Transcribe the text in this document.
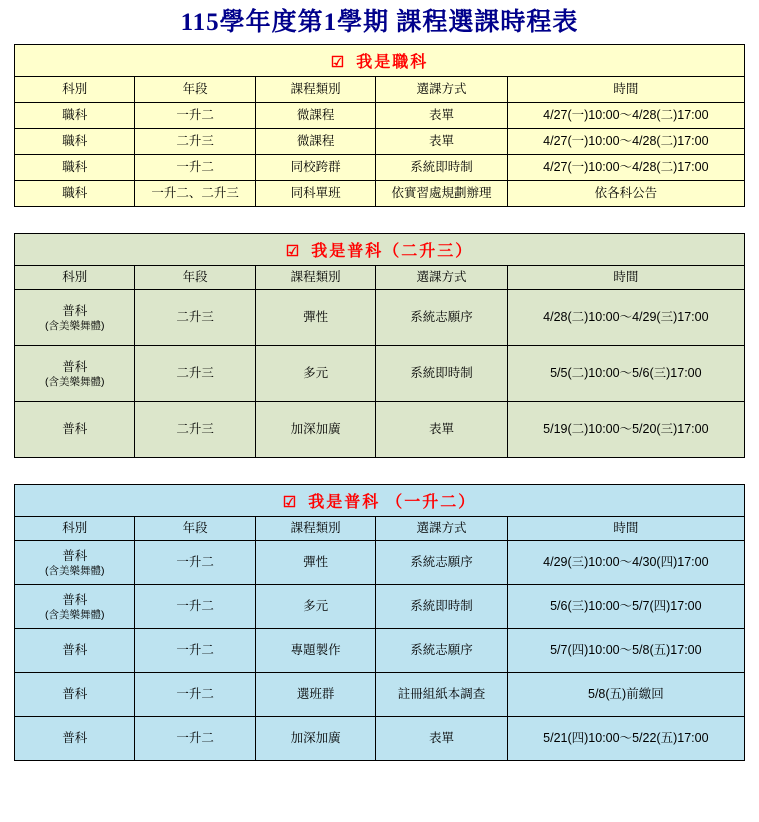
115學年度第1學期 課程選課時程表
☑ 我是職科
科別	年段	課程類別	選課方式	時間
職科	一升二	微課程	表單	4/27(一)10:00～4/28(二)17:00
職科	二升三	微課程	表單	4/27(一)10:00～4/28(二)17:00
職科	一升二	同校跨群	系統即時制	4/27(一)10:00～4/28(二)17:00
職科	一升二、二升三	同科單班	依實習處規劃辦理	依各科公告
☑ 我是普科（二升三）
科別	年段	課程類別	選課方式	時間
普科
(含美樂舞體)	二升三	彈性	系統志願序	4/28(二)10:00～4/29(三)17:00
普科
(含美樂舞體)	二升三	多元	系統即時制	5/5(二)10:00～5/6(三)17:00
普科	二升三	加深加廣	表單	5/19(二)10:00～5/20(三)17:00
☑ 我是普科 （一升二）
科別	年段	課程類別	選課方式	時間
普科
(含美樂舞體)	一升二	彈性	系統志願序	4/29(三)10:00～4/30(四)17:00
普科
(含美樂舞體)	一升二	多元	系統即時制	5/6(三)10:00～5/7(四)17:00
普科	一升二	專題製作	系統志願序	5/7(四)10:00～5/8(五)17:00
普科	一升二	選班群	註冊組紙本調查	5/8(五)前繳回
普科	一升二	加深加廣	表單	5/21(四)10:00～5/22(五)17:00
